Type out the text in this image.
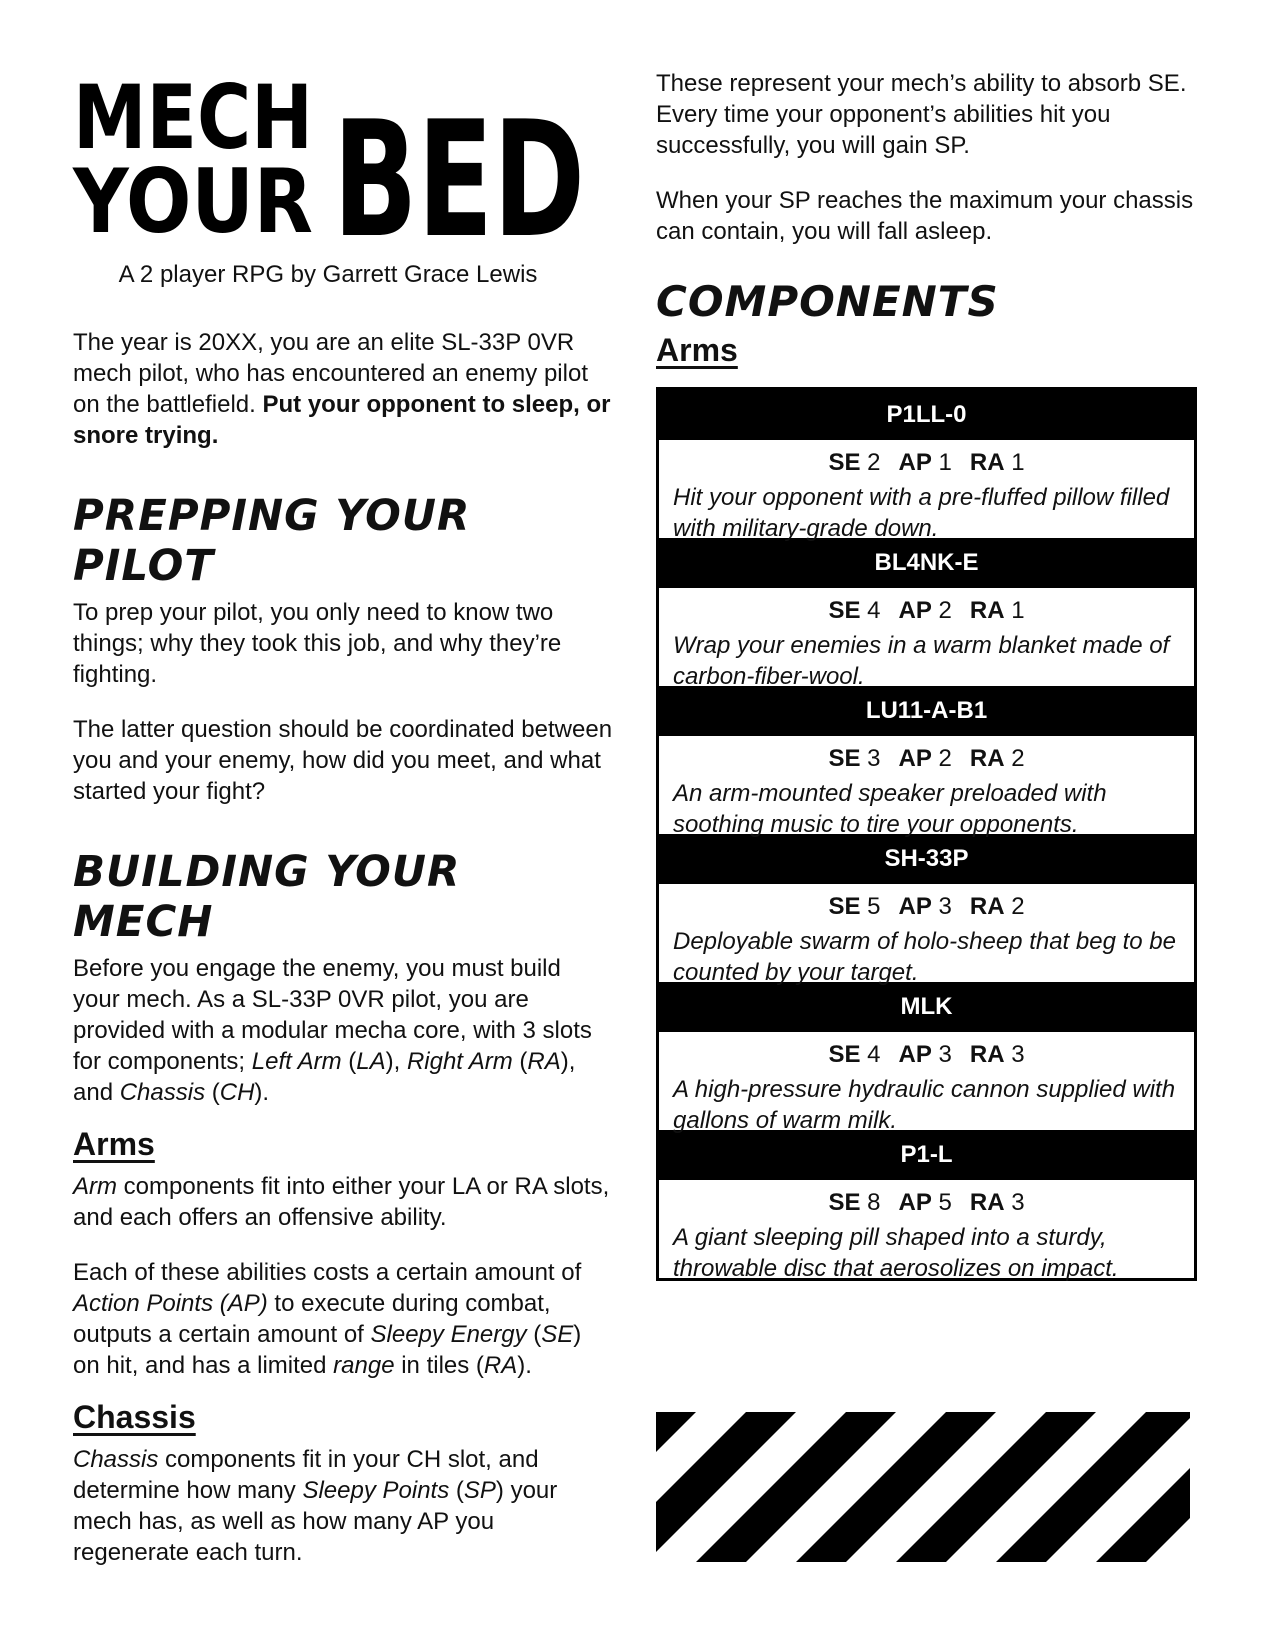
MECH
YOUR BED
A 2 player RPG by Garrett Grace Lewis

The year is 20XX, you are an elite SL-33P 0VR mech pilot, who has encountered an enemy pilot on the battlefield. Put your opponent to sleep, or snore trying.

PREPPING YOUR PILOT

To prep your pilot, you only need to know two things; why they took this job, and why they’re fighting.

The latter question should be coordinated between you and your enemy, how did you meet, and what started your fight?

BUILDING YOUR MECH

Before you engage the enemy, you must build your mech. As a SL-33P 0VR pilot, you are provided with a modular mecha core, with 3 slots for components; Left Arm (LA), Right Arm (RA), and Chassis (CH).

Arms

Arm components fit into either your LA or RA slots, and each offers an offensive ability.

Each of these abilities costs a certain amount of Action Points (AP) to execute during combat, outputs a certain amount of Sleepy Energy (SE) on hit, and has a limited range in tiles (RA).

Chassis

Chassis components fit in your CH slot, and determine how many Sleepy Points (SP) your mech has, as well as how many AP you regenerate each turn.

These represent your mech’s ability to absorb SE. Every time your opponent’s abilities hit you successfully, you will gain SP.

When your SP reaches the maximum your chassis can contain, you will fall asleep.

COMPONENTS
Arms
P1LL-0
SE 2 AP 1 RA 1
Hit your opponent with a pre-fluffed pillow filled with military-grade down.
BL4NK-E
SE 4 AP 2 RA 1
Wrap your enemies in a warm blanket made of carbon-fiber-wool.
LU11-A-B1
SE 3 AP 2 RA 2
An arm-mounted speaker preloaded with soothing music to tire your opponents.
SH-33P
SE 5 AP 3 RA 2
Deployable swarm of holo-sheep that beg to be counted by your target.
MLK
SE 4 AP 3 RA 3
A high-pressure hydraulic cannon supplied with gallons of warm milk.
P1-L
SE 8 AP 5 RA 3
A giant sleeping pill shaped into a sturdy, throwable disc that aerosolizes on impact.
